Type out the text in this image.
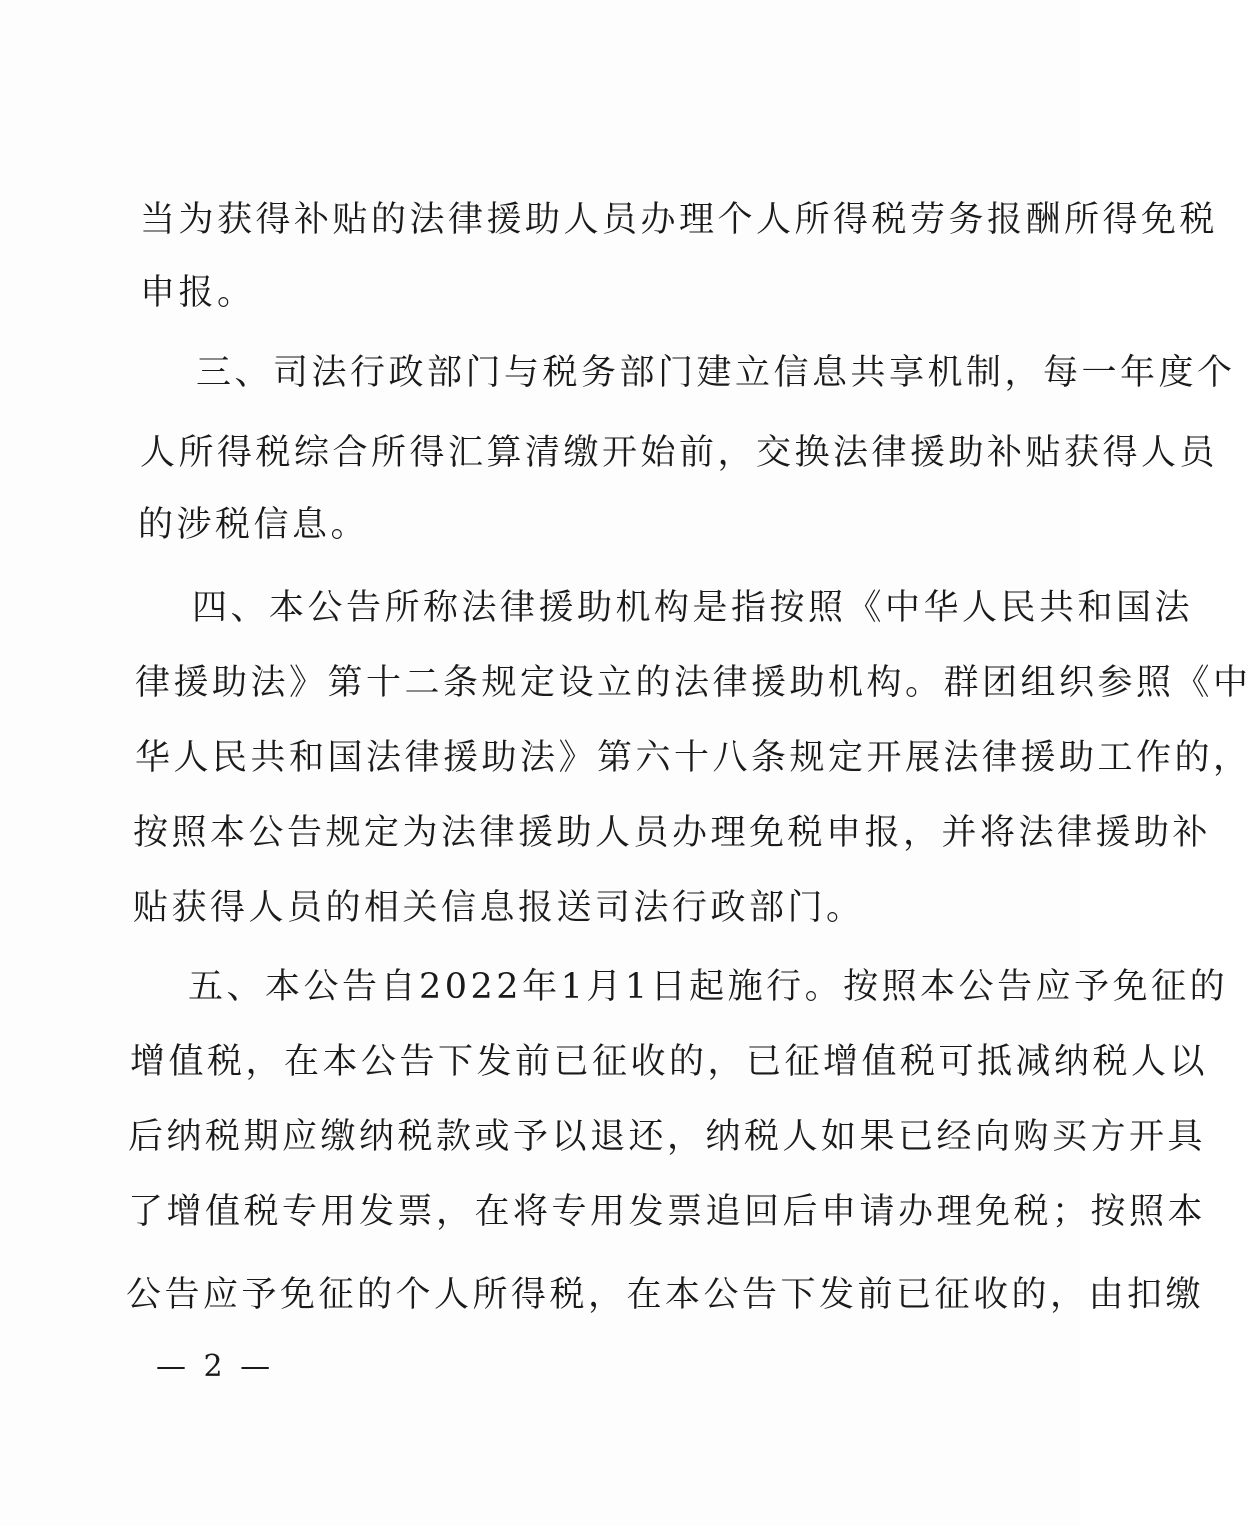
当为获得补贴的法律援助人员办理个人所得税劳务报酬所得免税
申报。
三、司法行政部门与税务部门建立信息共享机制，每一年度个
人所得税综合所得汇算清缴开始前，交换法律援助补贴获得人员
的涉税信息。
四、本公告所称法律援助机构是指按照《中华人民共和国法
律援助法》第十二条规定设立的法律援助机构。群团组织参照《中
华人民共和国法律援助法》第六十八条规定开展法律援助工作的，
按照本公告规定为法律援助人员办理免税申报，并将法律援助补
贴获得人员的相关信息报送司法行政部门。
五、本公告自2022年1月1日起施行。按照本公告应予免征的
增值税，在本公告下发前已征收的，已征增值税可抵减纳税人以
后纳税期应缴纳税款或予以退还，纳税人如果已经向购买方开具
了增值税专用发票，在将专用发票追回后申请办理免税；按照本
公告应予免征的个人所得税，在本公告下发前已征收的，由扣缴
— 2 —
